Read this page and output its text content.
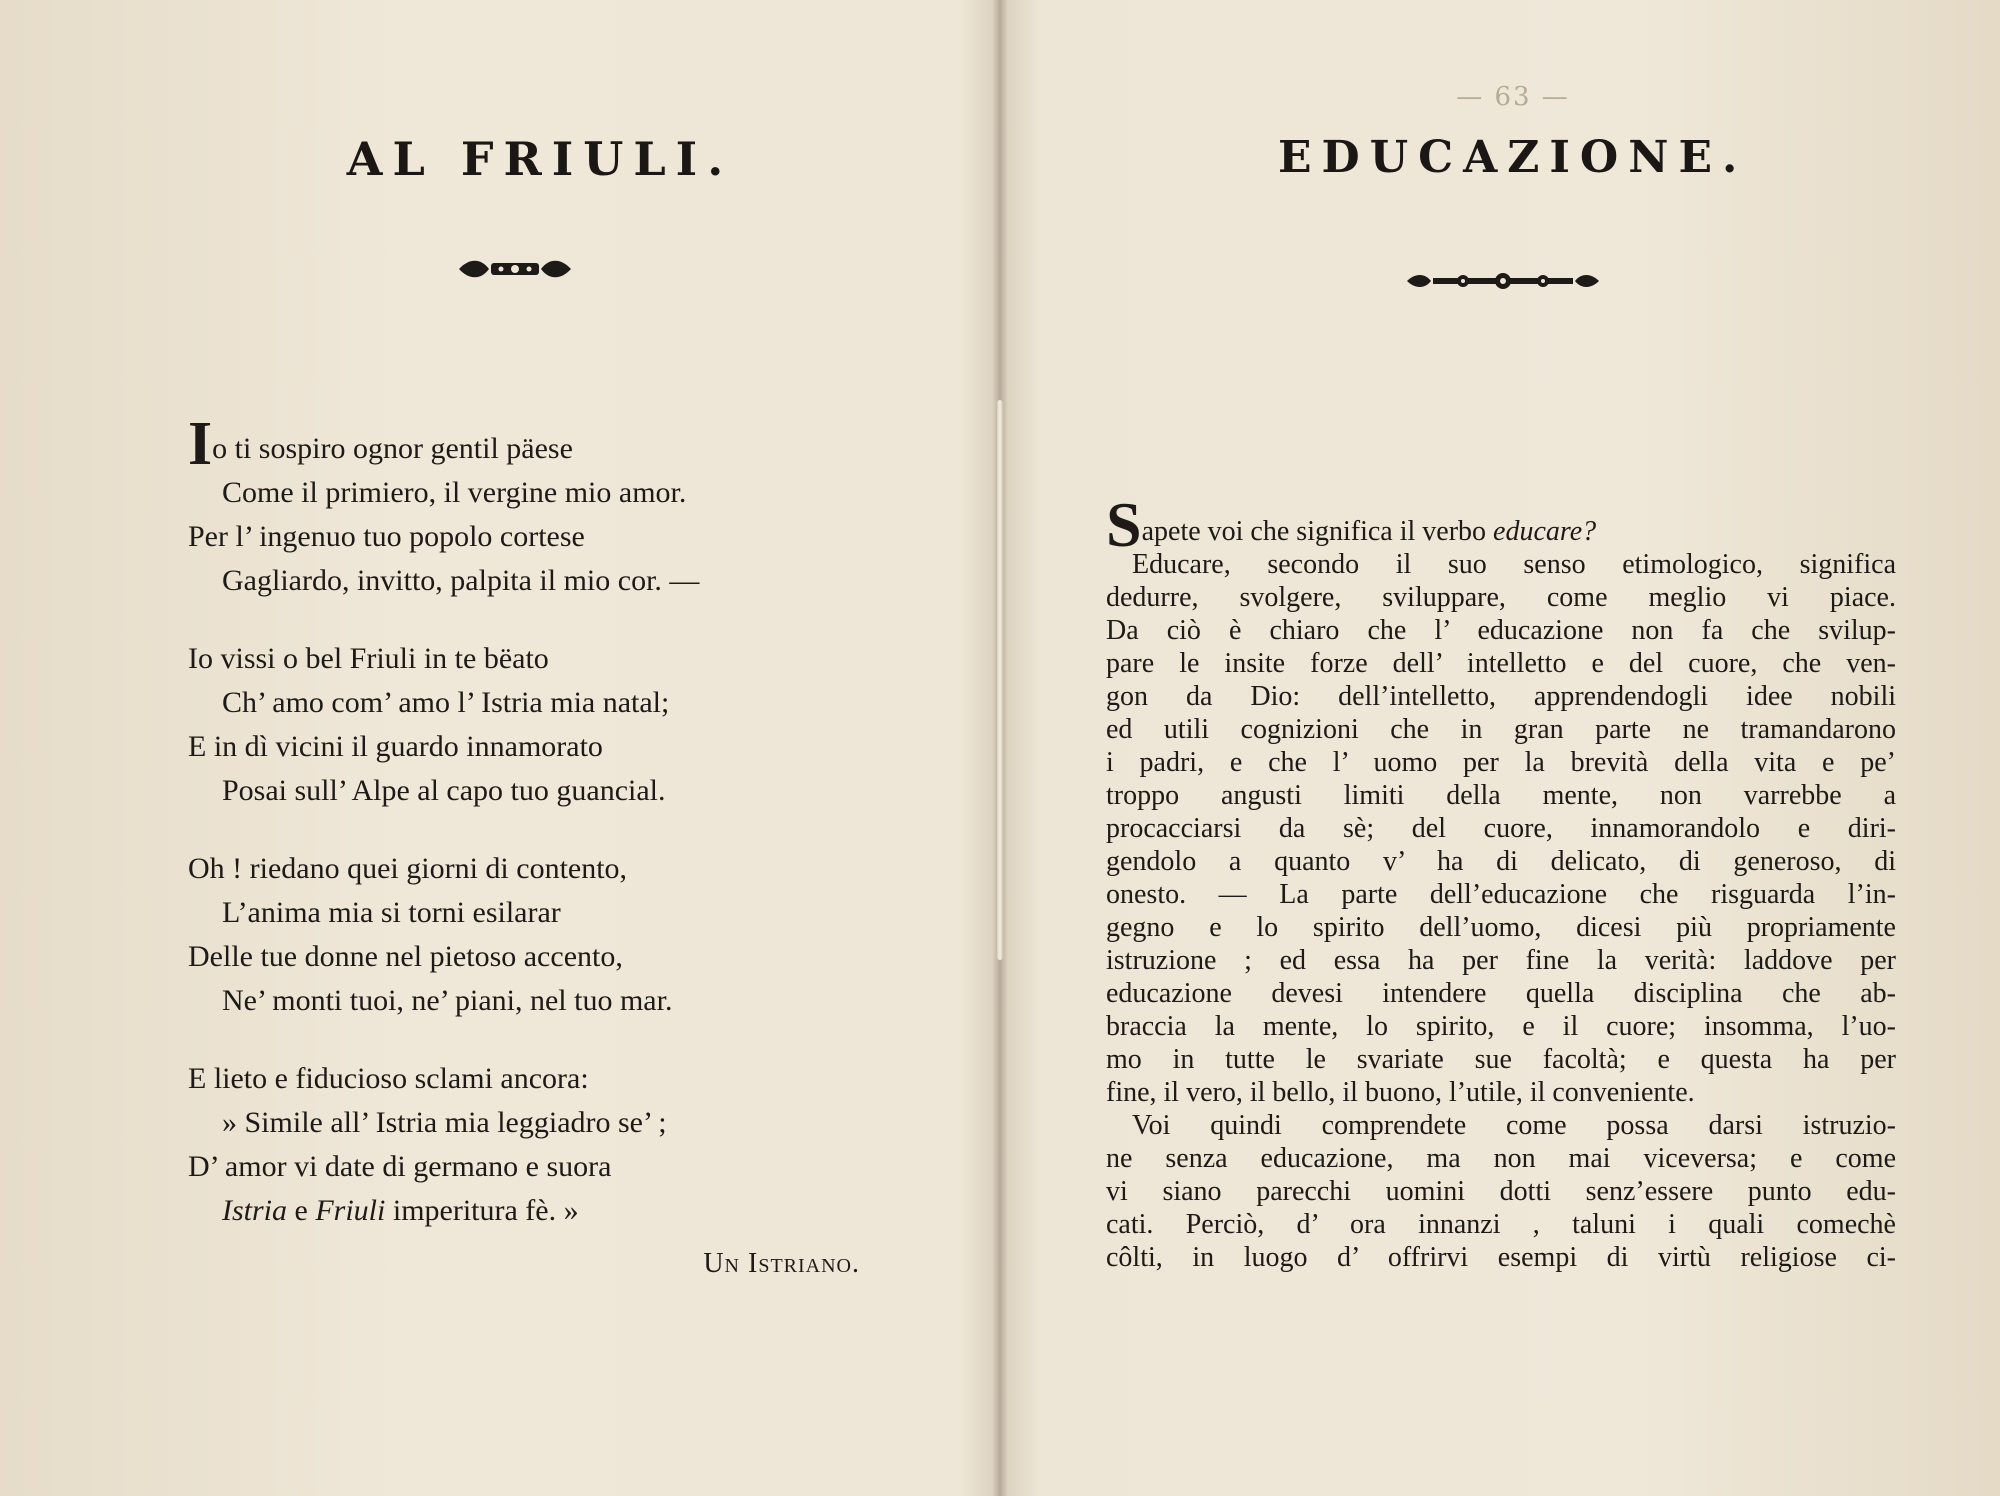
AL FRIULI.
Io ti sospiro ognor gentil päese
Come il primiero, il vergine mio amor.
Per l’ ingenuo tuo popolo cortese
Gagliardo, invitto, palpita il mio cor. —
Io vissi o bel Friuli in te bëato
Ch’ amo com’ amo l’ Istria mia natal;
E in dì vicini il guardo innamorato
Posai sull’ Alpe al capo tuo guancial.
Oh ! riedano quei giorni di contento,
L’anima mia si torni esilarar
Delle tue donne nel pietoso accento,
Ne’ monti tuoi, ne’ piani, nel tuo mar.
E lieto e fiducioso sclami ancora:
» Simile all’ Istria mia leggiadro se’ ;
D’ amor vi date di germano e suora
Istria e Friuli imperitura fè. »
Un Istriano.
— 63 —
EDUCAZIONE.
Sapete voi che significa il verbo educare?
Educare, secondo il suo senso etimologico, significa
dedurre, svolgere, sviluppare, come meglio vi piace.
Da ciò è chiaro che l’ educazione non fa che svilup-
pare le insite forze dell’ intelletto e del cuore, che ven-
gon da Dio: dell’intelletto, apprendendogli idee nobili
ed utili cognizioni che in gran parte ne tramandarono
i padri, e che l’ uomo per la brevità della vita e pe’
troppo angusti limiti della mente, non varrebbe a
procacciarsi da sè; del cuore, innamorandolo e diri-
gendolo a quanto v’ ha di delicato, di generoso, di
onesto. — La parte dell’educazione che risguarda l’in-
gegno e lo spirito dell’uomo, dicesi più propriamente
istruzione ; ed essa ha per fine la verità: laddove per
educazione devesi intendere quella disciplina che ab-
braccia la mente, lo spirito, e il cuore; insomma, l’uo-
mo in tutte le svariate sue facoltà; e questa ha per
fine, il vero, il bello, il buono, l’utile, il conveniente.
Voi quindi comprendete come possa darsi istruzio-
ne senza educazione, ma non mai viceversa; e come
vi siano parecchi uomini dotti senz’essere punto edu-
cati. Perciò, d’ ora innanzi , taluni i quali comechè
côlti, in luogo d’ offrirvi esempi di virtù religiose ci-
